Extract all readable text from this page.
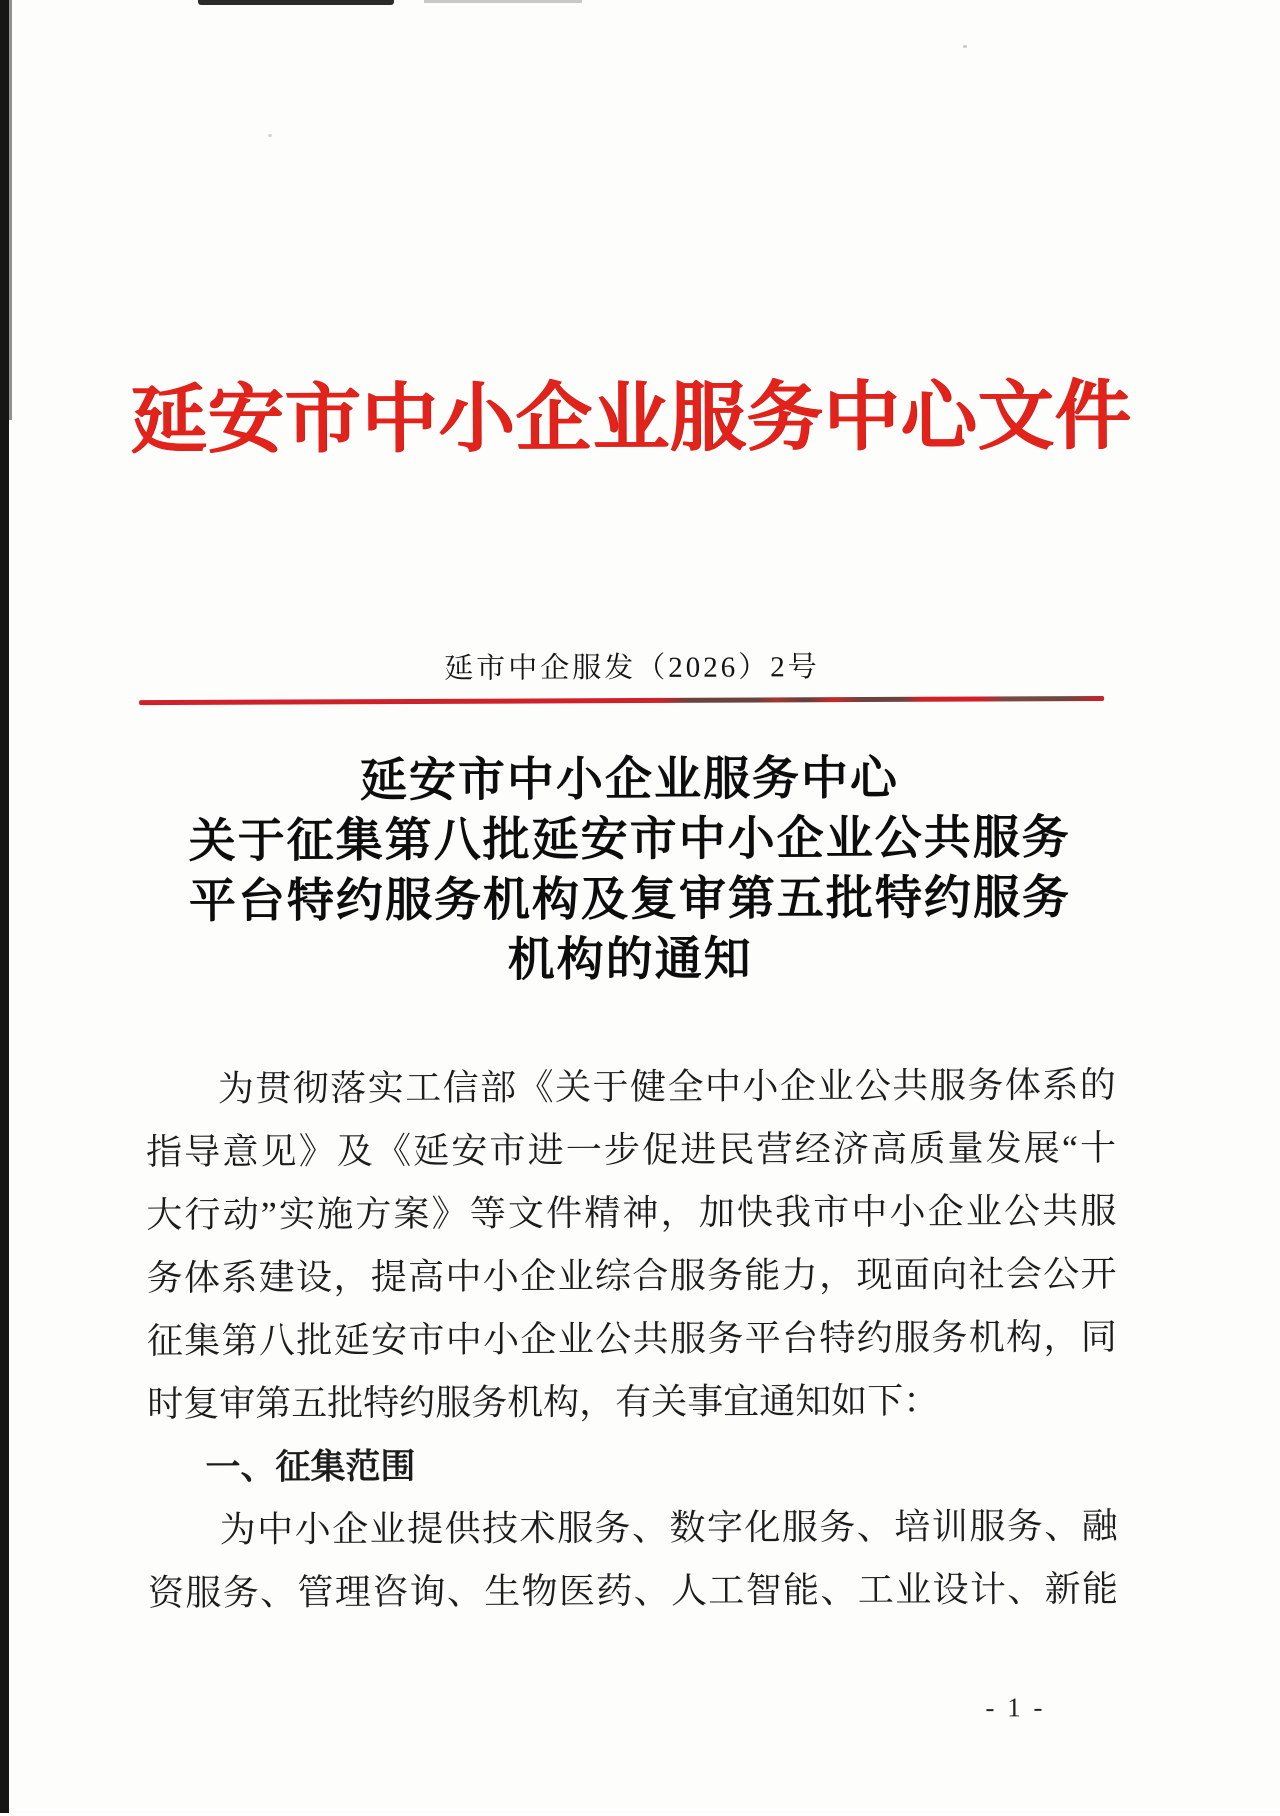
延安市中小企业服务中心文件
延市中企服发（2026）2号
延安市中小企业服务中心
关于征集第八批延安市中小企业公共服务
平台特约服务机构及复审第五批特约服务
机构的通知
为贯彻落实工信部《关于健全中小企业公共服务体系的
指导意见》及《延安市进一步促进民营经济高质量发展“十
大行动”实施方案》等文件精神，加快我市中小企业公共服
务体系建设，提高中小企业综合服务能力，现面向社会公开
征集第八批延安市中小企业公共服务平台特约服务机构，同
时复审第五批特约服务机构，有关事宜通知如下：
一、征集范围
为中小企业提供技术服务、数字化服务、培训服务、融
资服务、管理咨询、生物医药、人工智能、工业设计、新能
- 1 -
